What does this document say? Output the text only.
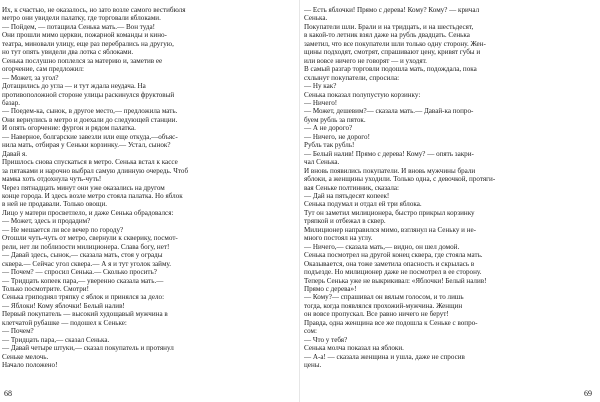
Их, к счастью, не оказалось, но зато возле самого вестибюля

метро они увидели палатку, где торговали яблоками.

— Пойдем, — потащила Сенька мать.— Вон туда!

Они прошли мимо церкви, пожарной команды и кино-

театра, миновали улицу, еще раз перебрались на другую,

но тут опять увидели два лотка с яблоками.

Сенька послушно поплелся за материю и, заметив ее

огорчение, сам предложил:

— Может, за угол?

Дотащились до угла — и тут ждала неудача. На

противоположной стороне улицы раскинулся фруктовый

базар.

— Поедем-ка, сынок, в другое место,— предложила мать.

Они вернулись в метро и доехали до следующей станции.

И опять огорчение: фургон и рядом палатка.

— Наверное, болгарские завезли или еще откуда,—объяс-

нила мать, отбирая у Сеньки корзинку.— Устал, сынок?

Давай я.

Пришлось снова спускаться в метро. Сенька встал к кассе

за пятаками и нарочно выбрал самую длинную очередь. Чтоб

мамка хоть отдохнула чуть-чуть!

Через пятнадцать минут они уже оказались на другом

конце города. И здесь возле метро стояла палатка. Но яблок

в ней не продавали. Только овощи.

Лицо у матери просветлело, и даже Сенька обрадовался:

— Может, здесь и продадим?

— Не мешается ли все вечер по городу?

Отошли чуть-чуть от метро, свернули к скверику, посмот-

рели, нет ли поблизости милиционера. Слава богу, нет!

— Давай здесь, сынок,— сказала мать, стоя у ограды

сквера.— Сейчас угол сквера.— А я и тут уголок займу.

— Почем? — спросил Сенька.— Сколько просить?

— Тридцать копеек пара,— уверенно сказала мать.—

Только посмотрите. Смотри!

Сенька гриподнял тряпку с яблок и принялся за дело:

— Яблоки! Кому яблочки! Белый налив!

Первый покупатель — высокий худощавый мужчина в

клетчатой рубашке — подошел к Сеньке:

— Почем?

— Тридцать пара,— сказал Сенька.

— Давай четыре штуки,— сказал покупатель и протянул

Сеньке мелочь.

Начало положено!

68

— Есть яблочки! Прямо с дерева! Кому? Кому? — кричал

Сенька.

Покупатели шли. Брали и на тридцать, и на шестьдесят,

в какой-то летник взял даже на рубль двадцать. Сенька

заметил, что все покупатели шли только одну сторону. Жен-

щины подходят, смотрят, спрашивают цену, кривят губы и

или вовсе ничего не говорят — и уходят.

В самый разгар торговли подошла мать, подождала, пока

схлынут покупатели, спросила:

— Ну как?

Сенька показал полупустую корзинку:

— Ничего!

— Может, дешевим?— сказала мать.— Давай-ка попро-

буем рубль за пяток.

— А не дорого?

— Ничего, не дорого!

Рубль так рубль!

— Белый налив! Прямо с дерева! Кому? — опять закри-

чал Сенька.

И вновь появились покупатели. И вновь мужчины брали

яблоки, а женщины уходили. Только одна, с девочкой, протяги-

вая Сеньке полтинник, сказала:

— Дай на пятьдесят копеек!

Сенька подумал и отдал ей три яблока.

Тут он заметил милиционера, быстро прикрыл корзинку

тряпкой и отбежал в сквер.

Милиционер направился мимо, взглянул на Сеньку и не-

много постоял на углу.

— Ничего,— сказала мать,— видно, он шел домой.

Сенька посмотрел на другой конец сквера, где стояла мать.

Оказывается, она тоже заметила опасность и скрылась в

подъезде. Но милиционер даже не посмотрел в ее сторону.

Теперь Сенька уже не выкрикивал: «Яблочки! Белый налив!

Прямо с дерева»!

— Кому?— спрашивал он вялым голосом, и то лишь

тогда, когда появлялся прохожий-мужчина. Женщин

он вовсе пропускал. Все равно ничего не берут!

Правда, одна женщина все же подошла к Сеньке с вопро-

сом:

— Что у тебя?

Сенька молча показал на яблоки.

— А-а! — сказала женщина и ушла, даже не спросив

цены.

69
